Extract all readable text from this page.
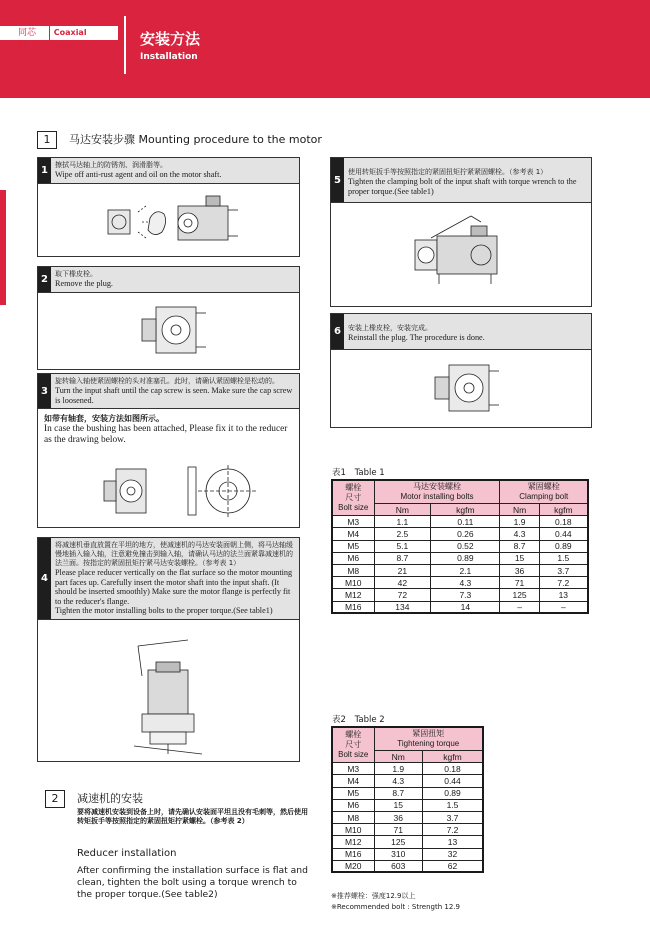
同芯轴
Coaxial shaft	安装方法
Installation
1	马达安装步骤 Mounting procedure to the motor
1	擦拭马达轴上的防锈剂、润滑脂等。
Wipe off anti-rust agent and oil on the motor shaft.
2	取下橡皮栓。
Remove the plug.
3
旋转输入轴使紧固螺栓的头对准塞孔。此时，请确认紧固螺栓是松动的。
Turn the input shaft until the cap screw is seen. Make sure the cap screw is loosened.
如带有轴套，安装方法如图所示。
In case the bushing has been attached, Please fix it to the reducer as the drawing below.
4
将减速机垂直放置在平坦的地方，使减速机的马达安装面朝上侧，将马达轴缓慢地插入输入轴，注意避免撞击到输入轴，请确认马达的法兰面紧靠减速机的法兰面。按指定的紧固扭矩拧紧马达安装螺栓。（参考表 1）
Please place reducer vertically on the flat surface so the motor mounting part faces up. Carefully insert the motor shaft into the input shaft. (It should be inserted smoothly) Make sure the motor flange is perfectly fit to the reducer's flange.
Tighten the motor installing bolts to the proper torque.(See table1)
5
使用转矩扳手等按照指定的紧固扭矩拧紧紧固螺栓。（参考表 1）
Tighten the clamping bolt of the input shaft with torque wrench to the proper torque.(See table1)
6	安装上橡皮栓，安装完成。
Reinstall the plug. The procedure is done.
表1 Table 1
螺栓
尺寸
Bolt size	马达安装螺栓
Motor installing bolts		紧固螺栓
Clamping bolt	

	Nm	kgfm	Nm	kgfm
M3	1.1	0.11	1.9	0.18
M4	2.5	0.26	4.3	0.44
M5	5.1	0.52	8.7	0.89
M6	8.7	0.89	15	1.5
M8	21	2.1	36	3.7
M10	42	4.3	71	7.2
M12	72	7.3	125	13
M16	134	14	–	–
表2 Table 2
螺栓
尺寸
Bolt size	紧固扭矩
Tightening torque	

	Nm	kgfm
M3	1.9	0.18
M4	4.3	0.44
M5	8.7	0.89
M6	15	1.5
M8	36	3.7
M10	71	7.2
M12	125	13
M16	310	32
M20	603	62
※推荐螺栓：强度12.9以上
※Recommended bolt : Strength 12.9
2	减速机的安装
要将减速机安装到设备上时，请先确认安装面平坦且没有毛刺等，然后使用转矩扳手等按照指定的紧固扭矩拧紧螺栓。（参考表 2）
Reducer installation
After confirming the installation surface is flat and clean, tighten the bolt using a torque wrench to the proper torque.(See table2)
